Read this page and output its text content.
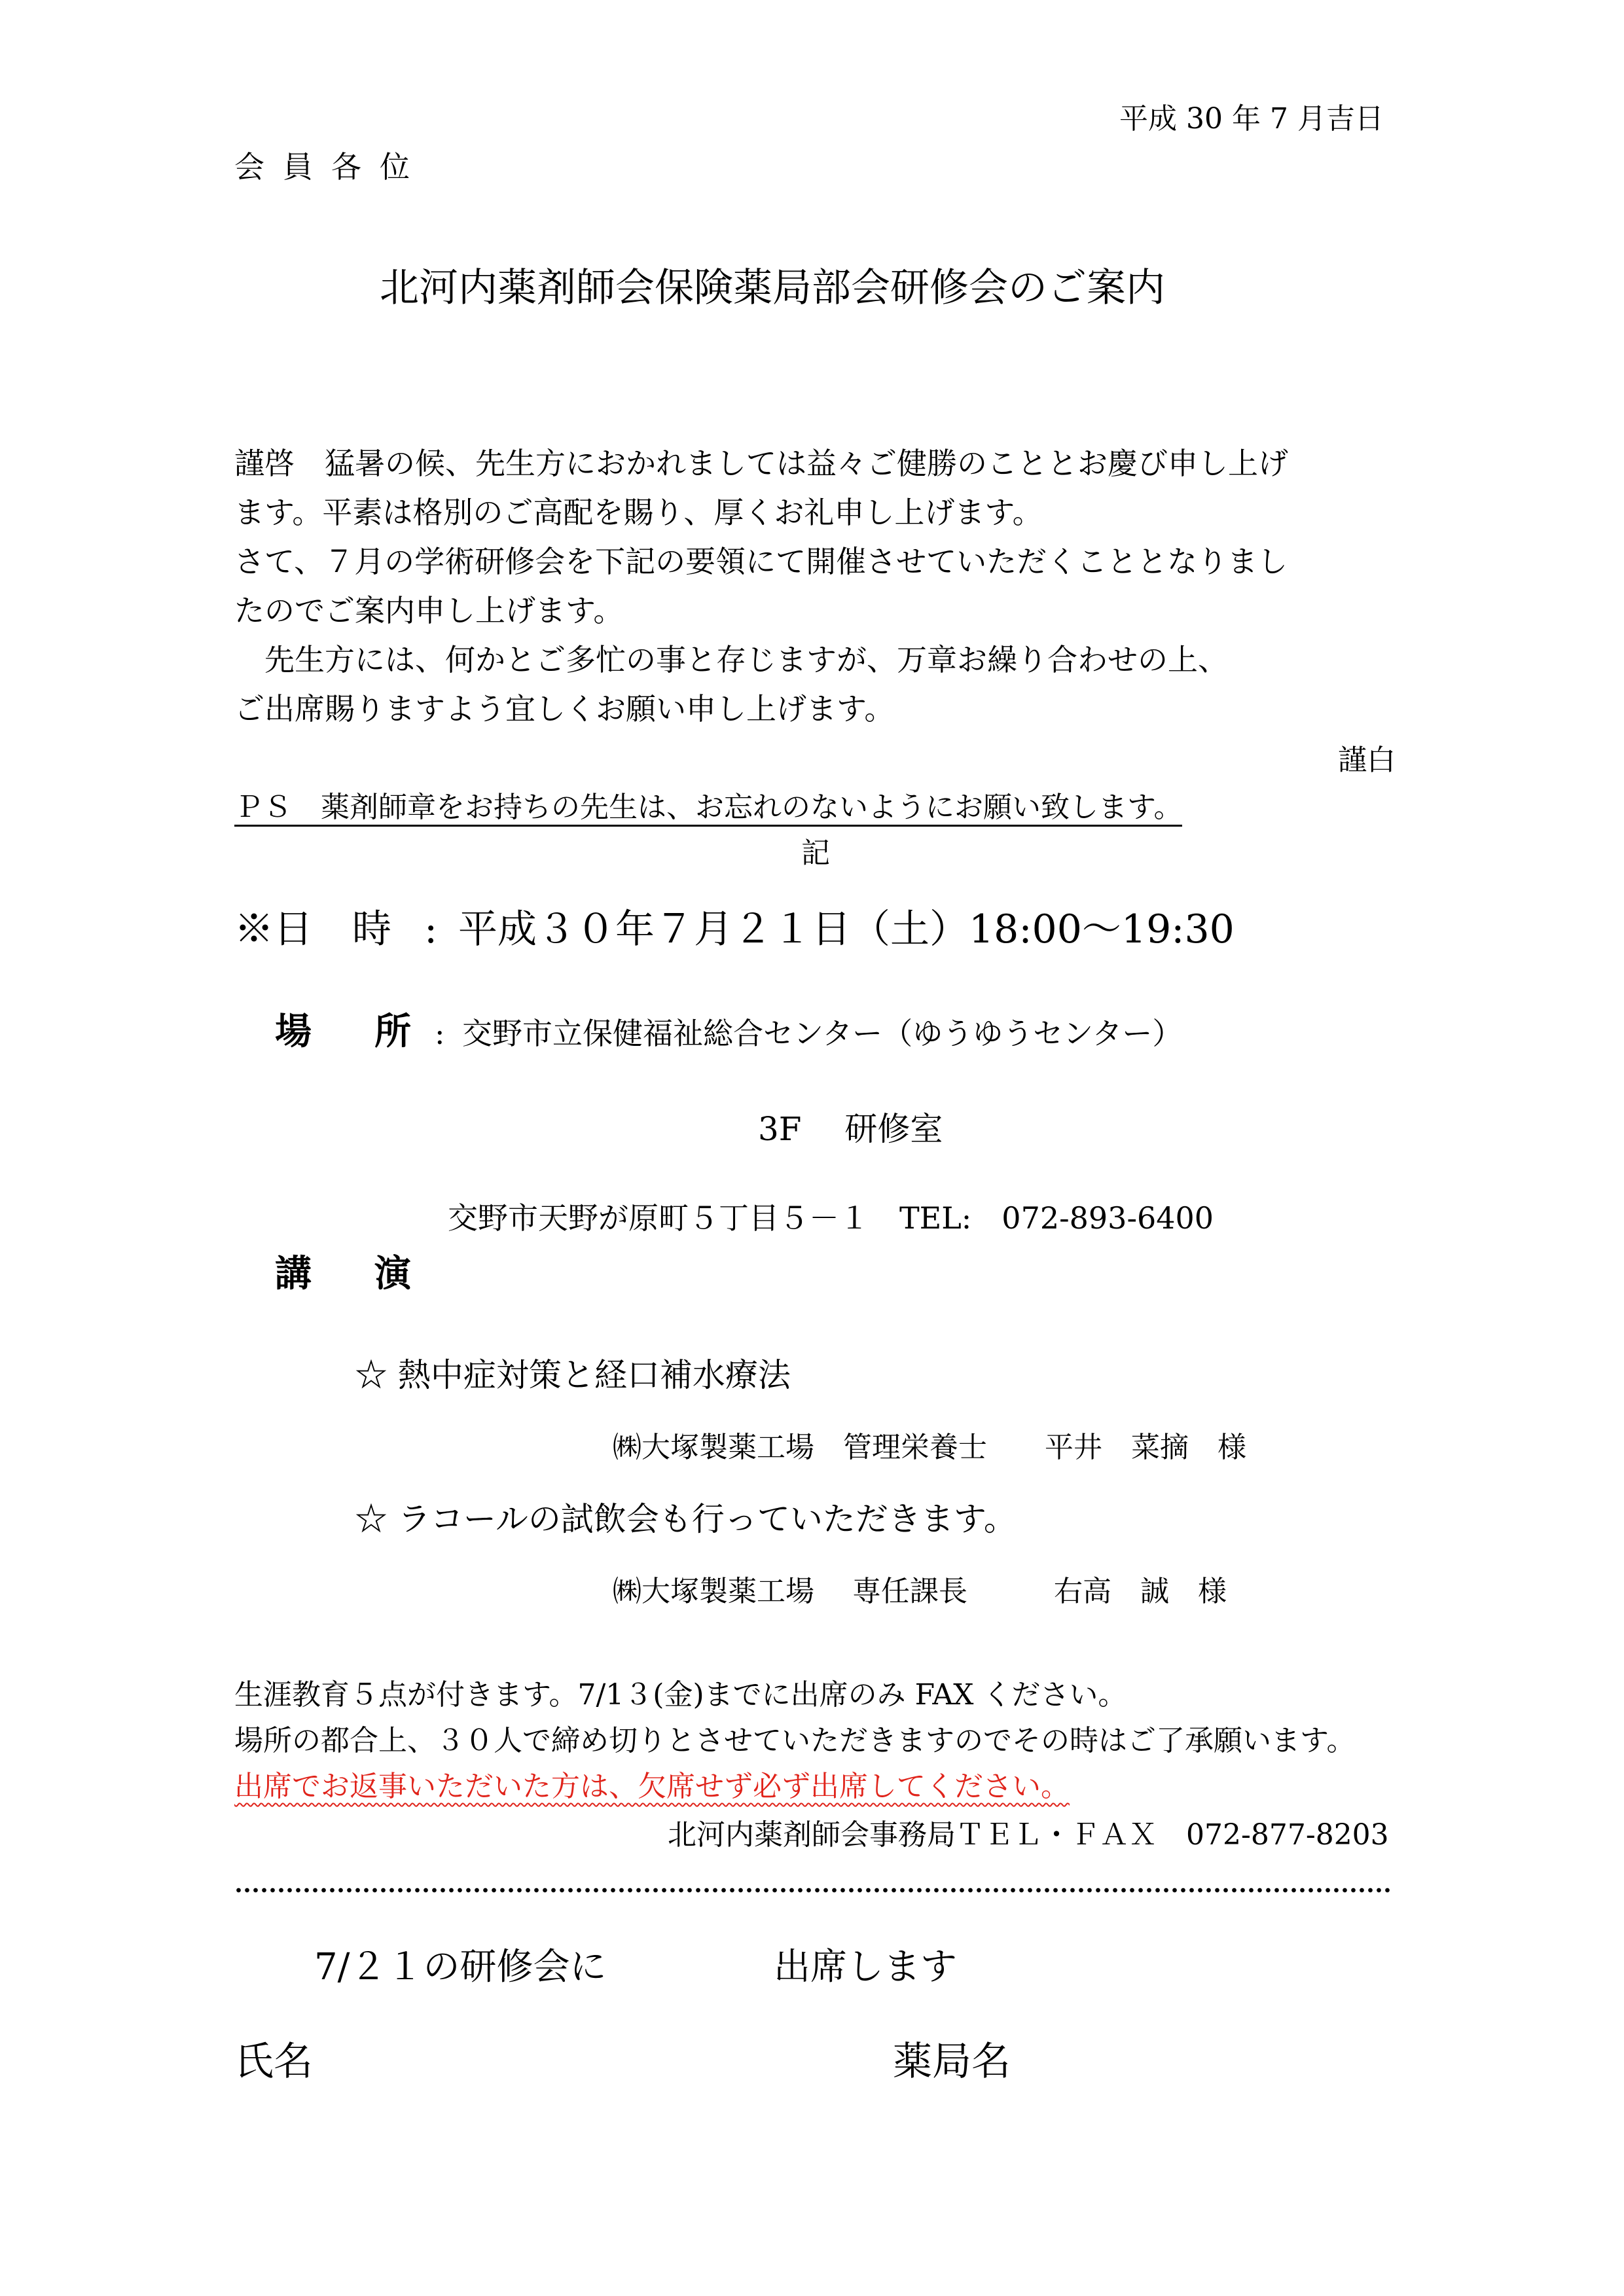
平成 30 年 7 月吉日
会員各位
北河内薬剤師会保険薬局部会研修会のご案内
謹啓　猛暑の候、先生方におかれましては益々ご健勝のこととお慶び申し上げ
ます。平素は格別のご高配を賜り、厚くお礼申し上げます。
さて、７月の学術研修会を下記の要領にて開催させていただくこととなりまし
たのでご案内申し上げます。
　先生方には、何かとご多忙の事と存じますが、万章お繰り合わせの上、
ご出席賜りますよう宜しくお願い申し上げます。
謹白
ＰＳ　薬剤師章をお持ちの先生は、お忘れのないようにお願い致します。
記
※日　時 : 平成３０年７月２１日（土）18:00～19:30
場　所 : 交野市立保健福祉総合センター（ゆうゆうセンター）
3F　 研修室
交野市天野が原町５丁目５－１　TEL:　072-893-6400
講　演
☆ 熱中症対策と経口補水療法
㈱大塚製薬工場　管理栄養士　　平井　菜摘　様
☆ ラコールの試飲会も行っていただきます。
㈱大塚製薬工場　 専任課長　　　右高　誠　様
生涯教育５点が付きます。7/1３(金)までに出席のみ FAX ください。
場所の都合上、３０人で締め切りとさせていただきますのでその時はご了承願います。
出席でお返事いただいた方は、欠席せず必ず出席してください。
北河内薬剤師会事務局ＴＥＬ・ＦＡＸ　072-877-8203
7/２１の研修会に	出席します
氏名	薬局名
